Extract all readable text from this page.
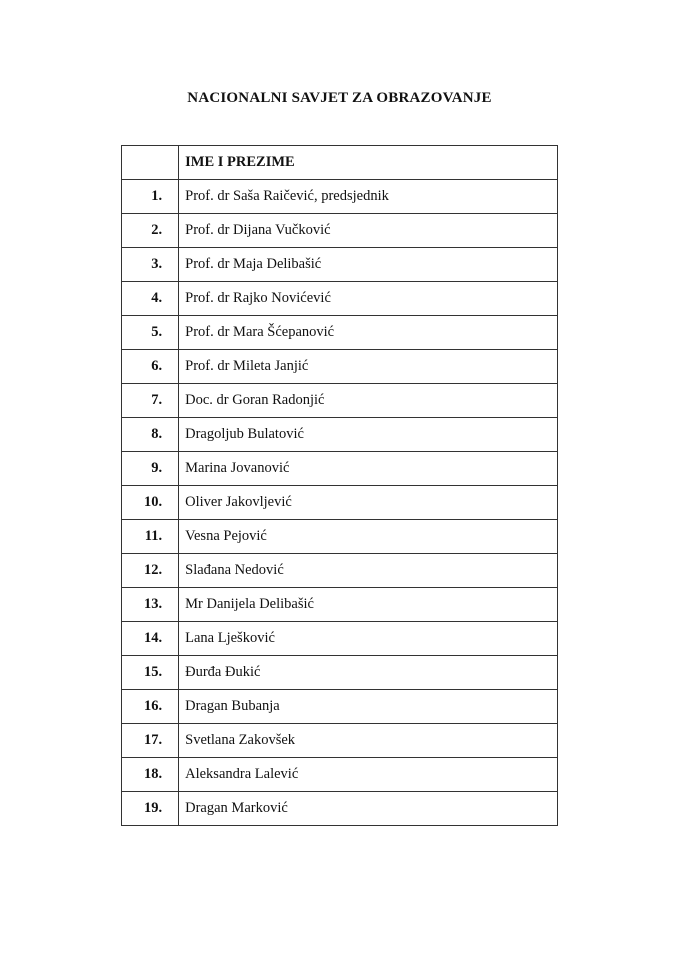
NACIONALNI SAVJET ZA OBRAZOVANJE
	IME I PREZIME
1.	Prof. dr Saša Raičević, predsjednik
2.	Prof. dr Dijana Vučković
3.	Prof. dr Maja Delibašić
4.	Prof. dr Rajko Novićević
5.	Prof. dr Mara Šćepanović
6.	Prof. dr Mileta Janjić
7.	Doc. dr Goran Radonjić
8.	Dragoljub Bulatović
9.	Marina Jovanović
10.	Oliver Jakovljević
11.	Vesna Pejović
12.	Slađana Nedović
13.	Mr Danijela Delibašić
14.	Lana Lješković
15.	Đurđa Đukić
16.	Dragan Bubanja
17.	Svetlana Zakovšek
18.	Aleksandra Lalević
19.	Dragan Marković
